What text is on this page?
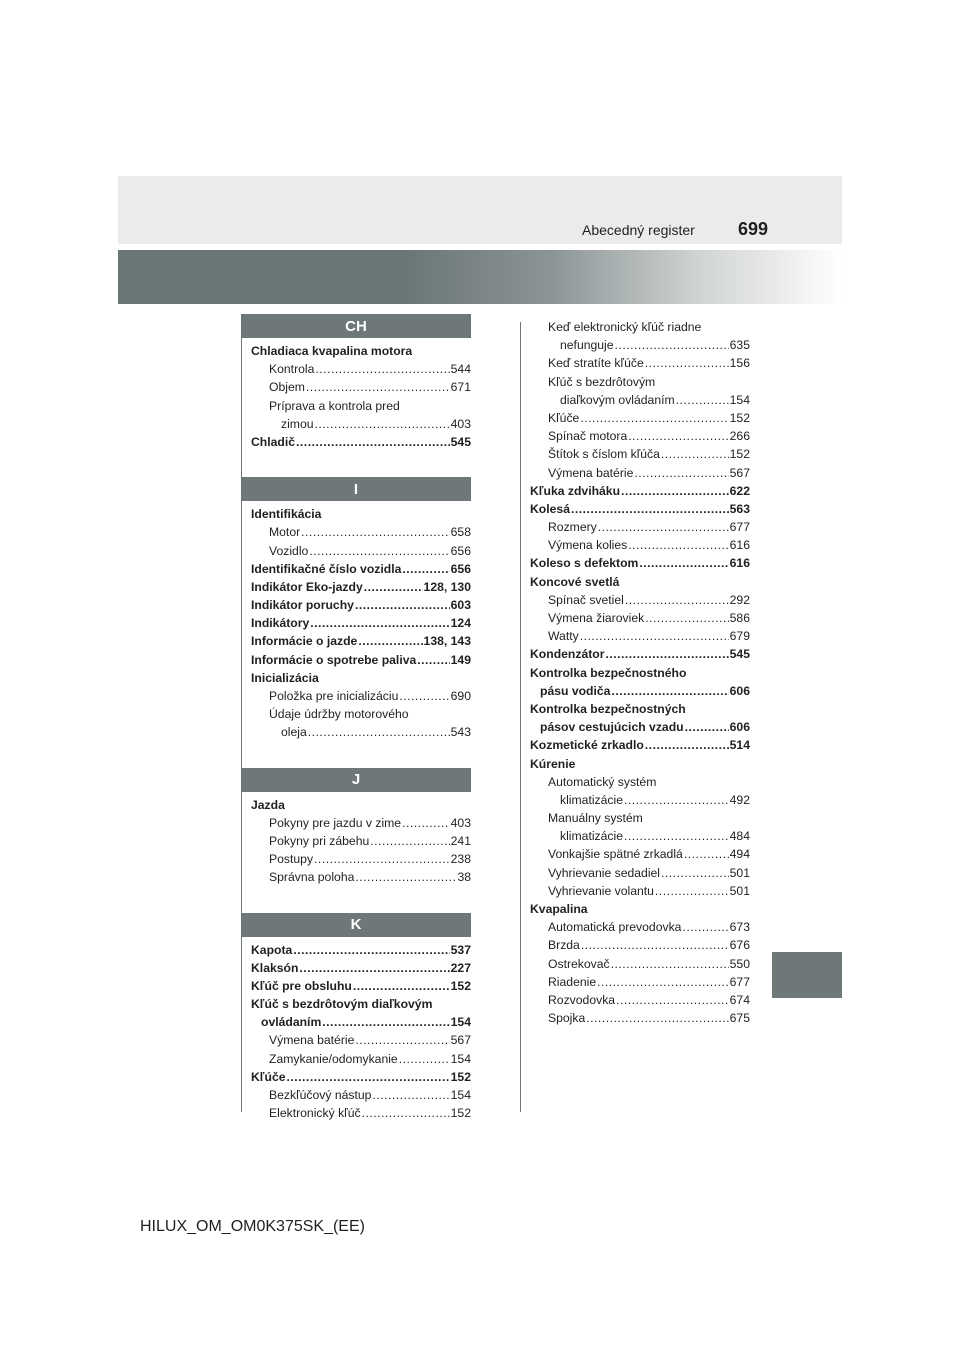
Abecedný register 699
CH
Chladiaca kvapalina motora
Kontrola .....	544
Objem .....	671
Príprava a kontrola pred
zimou .....	403
Chladič .....	545
I
Identifikácia
Motor .....	658
Vozidlo .....	656
Identifikačné číslo vozidla .....	656
Indikátor Eko-jazdy .....	128, 130
Indikátor poruchy .....	603
Indikátory .....	124
Informácie o jazde .....	138, 143
Informácie o spotrebe paliva .....	149
Inicializácia
Položka pre inicializáciu .....	690
Údaje údržby motorového
oleja .....	543
J
Jazda
Pokyny pre jazdu v zime .....	403
Pokyny pri zábehu .....	241
Postupy .....	238
Správna poloha .....	38
K
Kapota .....	537
Klaksón .....	227
Kľúč pre obsluhu .....	152
Kľúč s bezdrôtovým diaľkovým
ovládaním .....	154
Výmena batérie .....	567
Zamykanie/odomykanie .....	154
Kľúče .....	152
Bezkľúčový nástup .....	154
Elektronický kľúč .....	152
Keď elektronický kľúč riadne
nefunguje .....	635
Keď stratíte kľúče .....	156
Kľúč s bezdrôtovým
diaľkovým ovládaním .....	154
Kľúče .....	152
Spínač motora .....	266
Štítok s číslom kľúča .....	152
Výmena batérie .....	567
Kľuka zdviháku .....	622
Kolesá .....	563
Rozmery .....	677
Výmena kolies .....	616
Koleso s defektom .....	616
Koncové svetlá
Spínač svetiel .....	292
Výmena žiaroviek .....	586
Watty .....	679
Kondenzátor .....	545
Kontrolka bezpečnostného
pásu vodiča .....	606
Kontrolka bezpečnostných
pásov cestujúcich vzadu .....	606
Kozmetické zrkadlo .....	514
Kúrenie
Automatický systém
klimatizácie .....	492
Manuálny systém
klimatizácie .....	484
Vonkajšie spätné zrkadlá .....	494
Vyhrievanie sedadiel .....	501
Vyhrievanie volantu .....	501
Kvapalina
Automatická prevodovka .....	673
Brzda .....	676
Ostrekovač .....	550
Riadenie .....	677
Rozvodovka .....	674
Spojka .....	675
HILUX_OM_OM0K375SK_(EE)
